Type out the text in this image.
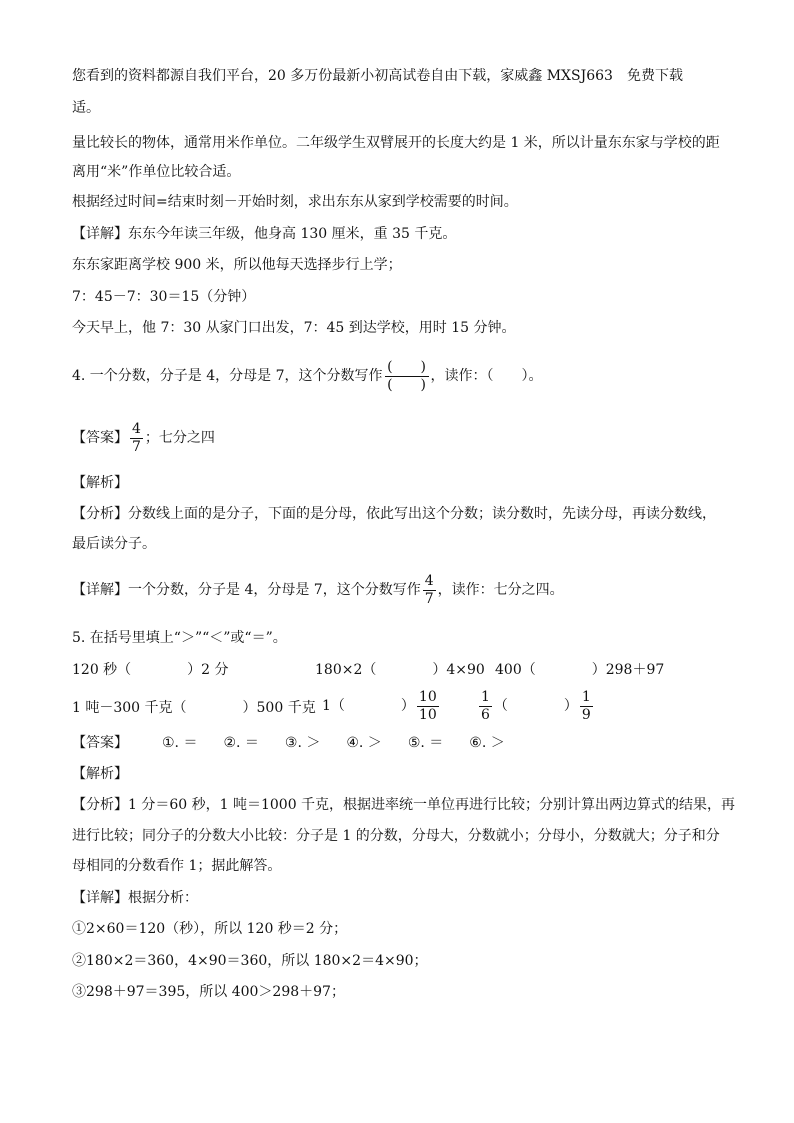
您看到的资料都源自我们平台，20 多万份最新小初高试卷自由下载，家威鑫 MXSJ663　免费下载
适。
量比较长的物体，通常用米作单位。二年级学生双臂展开的长度大约是 1 米，所以计量东东家与学校的距
离用“米”作单位比较合适。
根据经过时间=结束时刻－开始时刻，求出东东从家到学校需要的时间。
【详解】东东今年读三年级，他身高 130 厘米，重 35 千克。
东东家距离学校 900 米，所以他每天选择步行上学；
7：45－7：30＝15（分钟）
今天早上，他 7：30 从家门口出发，7：45 到达学校，用时 15 分钟。
4. 一个分数，分子是 4，分母是 7，这个分数写作 $\frac{( )}{( )}$ ，读作：（　　）。
【答案】 $\frac{4}{7}$ ；七分之四
【解析】
【分析】分数线上面的是分子，下面的是分母，依此写出这个分数；读分数时，先读分母，再读分数线，
最后读分子。
【详解】一个分数，分子是 4，分母是 7，这个分数写作 $\frac{4}{7}$ ，读作：七分之四。
5. 在括号里填上“＞”“＜”或“＝”。
120 秒（　　　　）2 分	180×2（　　　　）4×90 400（　　　　）298＋97
1 吨－300 千克（　　　　）500 千克 1（　　　　） $\frac{10}{10}$	$\frac{1}{6}$ （　　　　） $\frac{1}{9}$
【答案】 ①. ＝ ②. ＝ ③. ＞ ④. ＞ ⑤. ＝ ⑥. ＞
【解析】
【分析】1 分＝60 秒，1 吨＝1000 千克，根据进率统一单位再进行比较；分别计算出两边算式的结果，再
进行比较；同分子的分数大小比较：分子是 1 的分数，分母大，分数就小；分母小，分数就大；分子和分
母相同的分数看作 1；据此解答。
【详解】根据分析：
①2×60＝120（秒），所以 120 秒＝2 分；
②180×2＝360，4×90＝360，所以 180×2＝4×90；
③298＋97＝395，所以 400＞298＋97；
